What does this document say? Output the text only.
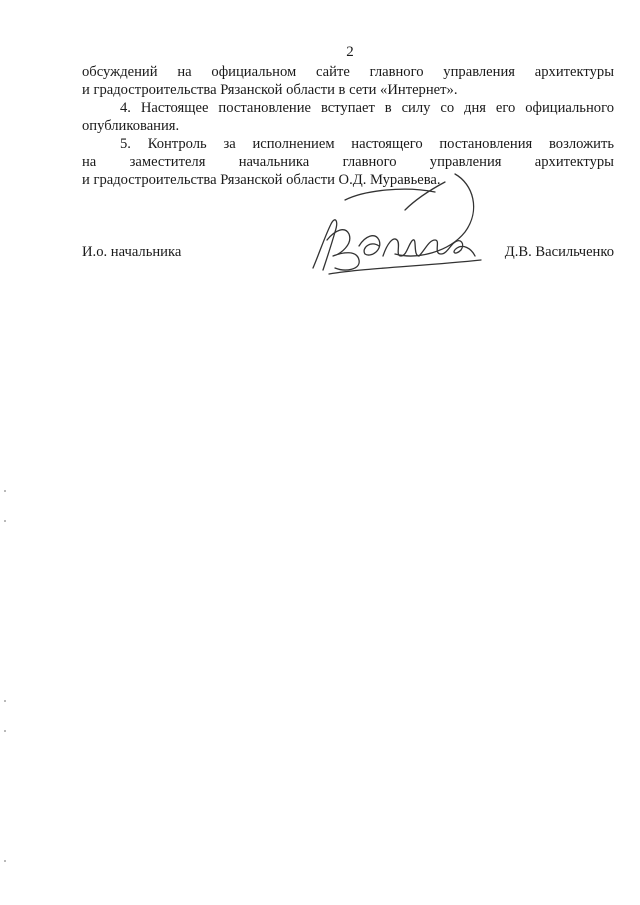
2

обсуждений на официальном сайте главного управления архитектуры
и градостроительства Рязанской области в сети «Интернет».

4. Настоящее постановление вступает в силу со дня его официального
опубликования.

5. Контроль за исполнением настоящего постановления возложить
на заместителя начальника главного управления архитектуры
и градостроительства Рязанской области О.Д. Муравьева.

И.о. начальника	Д.В. Васильченко
